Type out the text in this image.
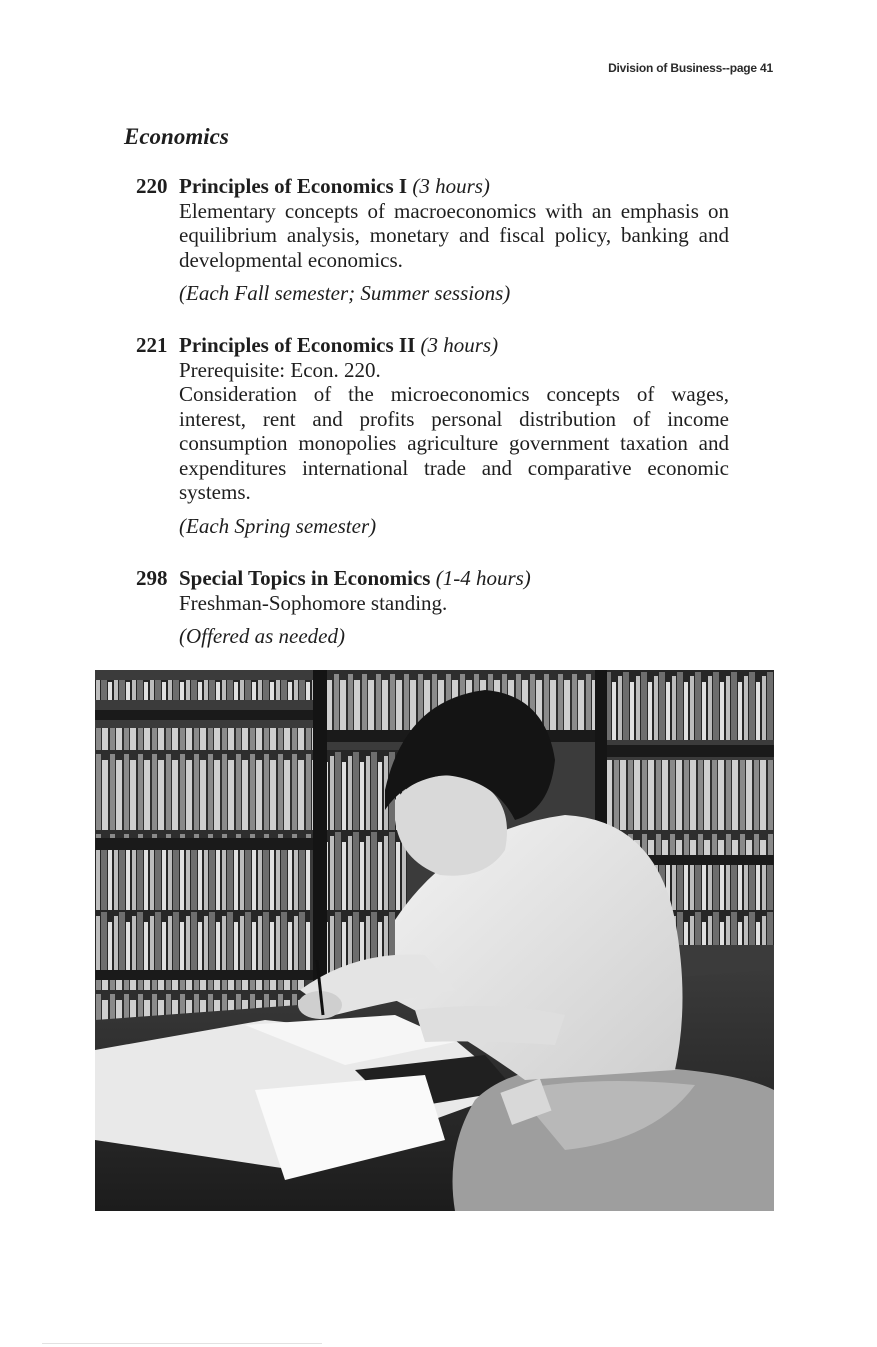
Division of Business--page 41
Economics
220 Principles of Economics I (3 hours)

Elementary concepts of macroeconomics with an emphasis on equilibrium analysis, monetary and fiscal policy, banking and developmental economics.

(Each Fall semester; Summer sessions)
221 Principles of Economics II (3 hours)
Prerequisite: Econ. 220.

Consideration of the microeconomics concepts of wages, interest, rent and profits personal distribution of income consumption monopolies agriculture government taxation and expenditures international trade and comparative economic systems.

(Each Spring semester)
298 Special Topics in Economics (1-4 hours)
Freshman-Sophomore standing.
(Offered as needed)
